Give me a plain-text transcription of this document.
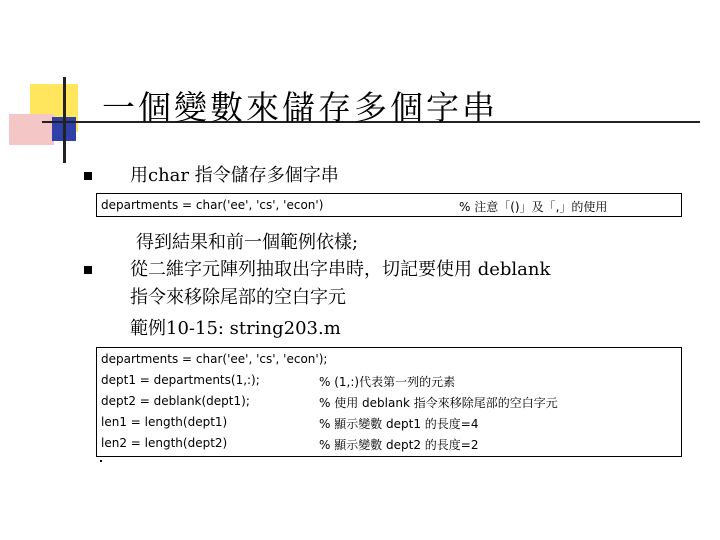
一個變數來儲存多個字串
用char 指令儲存多個字串
departments = char('ee', 'cs', 'econ')	% 注意「()」及「,」的使用
得到結果和前一個範例依樣;
從二維字元陣列抽取出字串時，切記要使用 deblank
指令來移除尾部的空白字元
範例10-15: string203.m
departments = char('ee', 'cs', 'econ');
dept1 = departments(1,:);	% (1,:)代表第一列的元素
dept2 = deblank(dept1);	% 使用 deblank 指令來移除尾部的空白字元
len1 = length(dept1)	% 顯示變數 dept1 的長度=4
len2 = length(dept2)	% 顯示變數 dept2 的長度=2
